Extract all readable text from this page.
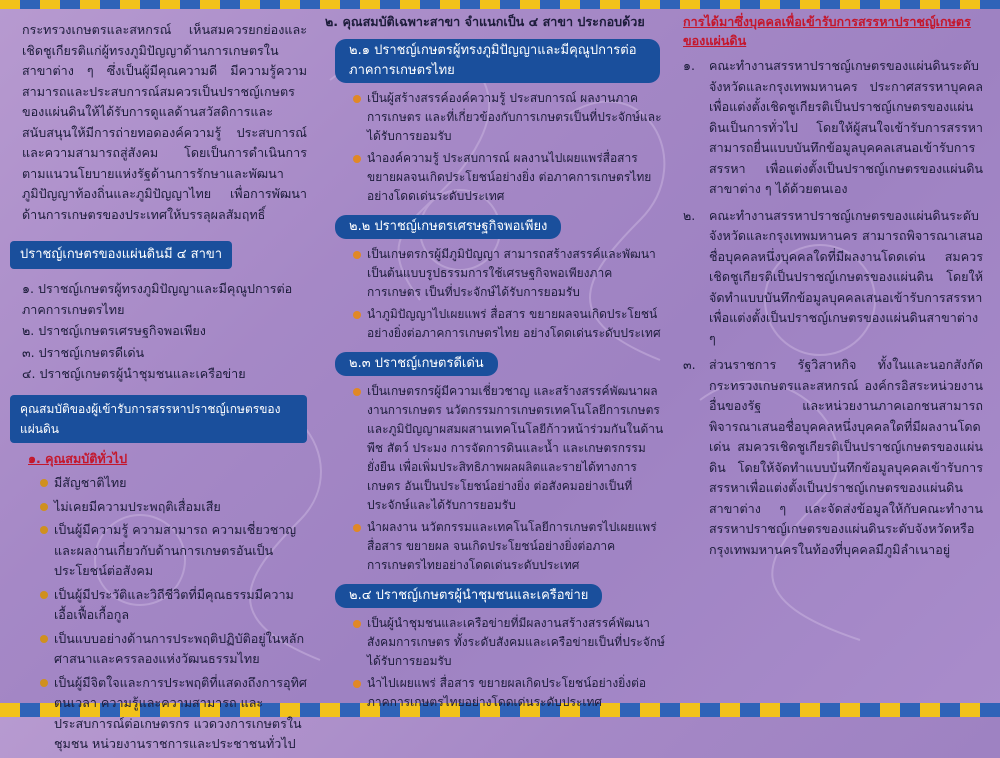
กระทรวงเกษตรและสหกรณ์ เห็นสมควรยกย่องและเชิดชูเกียรติแก่ผู้ทรงภูมิปัญญาด้านการเกษตรในสาขาต่าง ๆ ซึ่งเป็นผู้มีคุณความดี มีความรู้ความสามารถและประสบการณ์สมควรเป็นปราชญ์เกษตรของแผ่นดินให้ได้รับการดูแลด้านสวัสดิการและสนับสนุนให้มีการถ่ายทอดองค์ความรู้ ประสบการณ์และความสามารถสู่สังคม โดยเป็นการดำเนินการตามแนวนโยบายแห่งรัฐด้านการรักษาและพัฒนาภูมิปัญญาท้องถิ่นและภูมิปัญญาไทย เพื่อการพัฒนาด้านการเกษตรของประเทศให้บรรลุผลสัมฤทธิ์

ปราชญ์เกษตรของแผ่นดินมี ๔ สาขา
๑. ปราชญ์เกษตรผู้ทรงภูมิปัญญาและมีคุณูปการต่อภาคการเกษตรไทย
๒. ปราชญ์เกษตรเศรษฐกิจพอเพียง
๓. ปราชญ์เกษตรดีเด่น
๔. ปราชญ์เกษตรผู้นำชุมชนและเครือข่าย
คุณสมบัติของผู้เข้ารับการสรรหาปราชญ์เกษตรของแผ่นดิน
๑. คุณสมบัติทั่วไป
มีสัญชาติไทย
ไม่เคยมีความประพฤติเสื่อมเสีย
เป็นผู้มีความรู้ ความสามารถ ความเชี่ยวชาญและผลงานเกี่ยวกับด้านการเกษตรอันเป็นประโยชน์ต่อสังคม
เป็นผู้มีประวัติและวิถีชีวิตที่มีคุณธรรมมีความเอื้อเฟื้อเกื้อกูล
เป็นแบบอย่างด้านการประพฤติปฏิบัติอยู่ในหลักศาสนาและครรลองแห่งวัฒนธรรมไทย
เป็นผู้มีจิตใจและการประพฤติที่แสดงถึงการอุทิศตนเวลา ความรู้และความสามารถ และประสบการณ์ต่อเกษตรกร แวดวงการเกษตรในชุมชน หน่วยงานราชการและประชาชนทั่วไป
๒. คุณสมบัติเฉพาะสาขา จำแนกเป็น ๔ สาขา ประกอบด้วย
๒.๑ ปราชญ์เกษตรผู้ทรงภูมิปัญญาและมีคุณูปการต่อภาคการเกษตรไทย
เป็นผู้สร้างสรรค์องค์ความรู้ ประสบการณ์ ผลงานภาคการเกษตร และที่เกี่ยวข้องกับการเกษตรเป็นที่ประจักษ์และได้รับการยอมรับ
นำองค์ความรู้ ประสบการณ์ ผลงานไปเผยแพร่สื่อสาร ขยายผลจนเกิดประโยชน์อย่างยิ่ง ต่อภาคการเกษตรไทยอย่างโดดเด่นระดับประเทศ
๒.๒ ปราชญ์เกษตรเศรษฐกิจพอเพียง
เป็นเกษตรกรผู้มีภูมิปัญญา สามารถสร้างสรรค์และพัฒนาเป็นต้นแบบรูปธรรมการใช้เศรษฐกิจพอเพียงภาคการเกษตร เป็นที่ประจักษ์ได้รับการยอมรับ
นำภูมิปัญญาไปเผยแพร่ สื่อสาร ขยายผลจนเกิดประโยชน์อย่างยิ่งต่อภาคการเกษตรไทย อย่างโดดเด่นระดับประเทศ
๒.๓ ปราชญ์เกษตรดีเด่น
เป็นเกษตรกรผู้มีความเชี่ยวชาญ และสร้างสรรค์พัฒนาผลงานการเกษตร นวัตกรรมการเกษตรเทคโนโลยีการเกษตร และภูมิปัญญาผสมผสานเทคโนโลยีก้าวหน้าร่วมกันในด้านพืช สัตว์ ประมง การจัดการดินและน้ำ และเกษตรกรรมยั่งยืน เพื่อเพิ่มประสิทธิภาพผลผลิตและรายได้ทางการเกษตร อันเป็นประโยชน์อย่างยิ่ง ต่อสังคมอย่างเป็นที่ประจักษ์และได้รับการยอมรับ
นำผลงาน นวัตกรรมและเทคโนโลยีการเกษตรไปเผยแพร่ สื่อสาร ขยายผล จนเกิดประโยชน์อย่างยิ่งต่อภาคการเกษตรไทยอย่างโดดเด่นระดับประเทศ
๒.๔ ปราชญ์เกษตรผู้นำชุมชนและเครือข่าย
เป็นผู้นำชุมชนและเครือข่ายที่มีผลงานสร้างสรรค์พัฒนาสังคมการเกษตร ทั้งระดับสังคมและเครือข่ายเป็นที่ประจักษ์ได้รับการยอมรับ
นำไปเผยแพร่ สื่อสาร ขยายผลเกิดประโยชน์อย่างยิ่งต่อภาคการเกษตรไทยอย่างโดดเด่นระดับประเทศ
การได้มาซึ่งบุคคลเพื่อเข้ารับการสรรหาปราชญ์เกษตรของแผ่นดิน
๑.	คณะทำงานสรรหาปราชญ์เกษตรของแผ่นดินระดับจังหวัดและกรุงเทพมหานคร ประกาศสรรหาบุคคลเพื่อแต่งตั้งเชิดชูเกียรติเป็นปราชญ์เกษตรของแผ่นดินเป็นการทั่วไป โดยให้ผู้สนใจเข้ารับการสรรหาสามารถยื่นแบบบันทึกข้อมูลบุคคลเสนอเข้ารับการสรรหา เพื่อแต่งตั้งเป็นปราชญ์เกษตรของแผ่นดินสาขาต่าง ๆ ได้ด้วยตนเอง
๒.	คณะทำงานสรรหาปราชญ์เกษตรของแผ่นดินระดับจังหวัดและกรุงเทพมหานคร สามารถพิจารณาเสนอชื่อบุคคลหนึ่งบุคคลใดที่มีผลงานโดดเด่น สมควรเชิดชูเกียรติเป็นปราชญ์เกษตรของแผ่นดิน โดยให้จัดทำแบบบันทึกข้อมูลบุคคลเสนอเข้ารับการสรรหา เพื่อแต่งตั้งเป็นปราชญ์เกษตรของแผ่นดินสาขาต่าง ๆ
๓.	ส่วนราชการ รัฐวิสาหกิจ ทั้งในและนอกสังกัดกระทรวงเกษตรและสหกรณ์ องค์กรอิสระหน่วยงานอื่นของรัฐ และหน่วยงานภาคเอกชนสามารถพิจารณาเสนอชื่อบุคคลหนึ่งบุคคลใดที่มีผลงานโดดเด่น สมควรเชิดชูเกียรติเป็นปราชญ์เกษตรของแผ่นดิน โดยให้จัดทำแบบบันทึกข้อมูลบุคคลเข้ารับการสรรหาเพื่อแต่งตั้งเป็นปราชญ์เกษตรของแผ่นดินสาขาต่าง ๆ และจัดส่งข้อมูลให้กับคณะทำงานสรรหาปราชญ์เกษตรของแผ่นดินระดับจังหวัดหรือกรุงเทพมหานครในท้องที่บุคคลมีภูมิลำเนาอยู่
